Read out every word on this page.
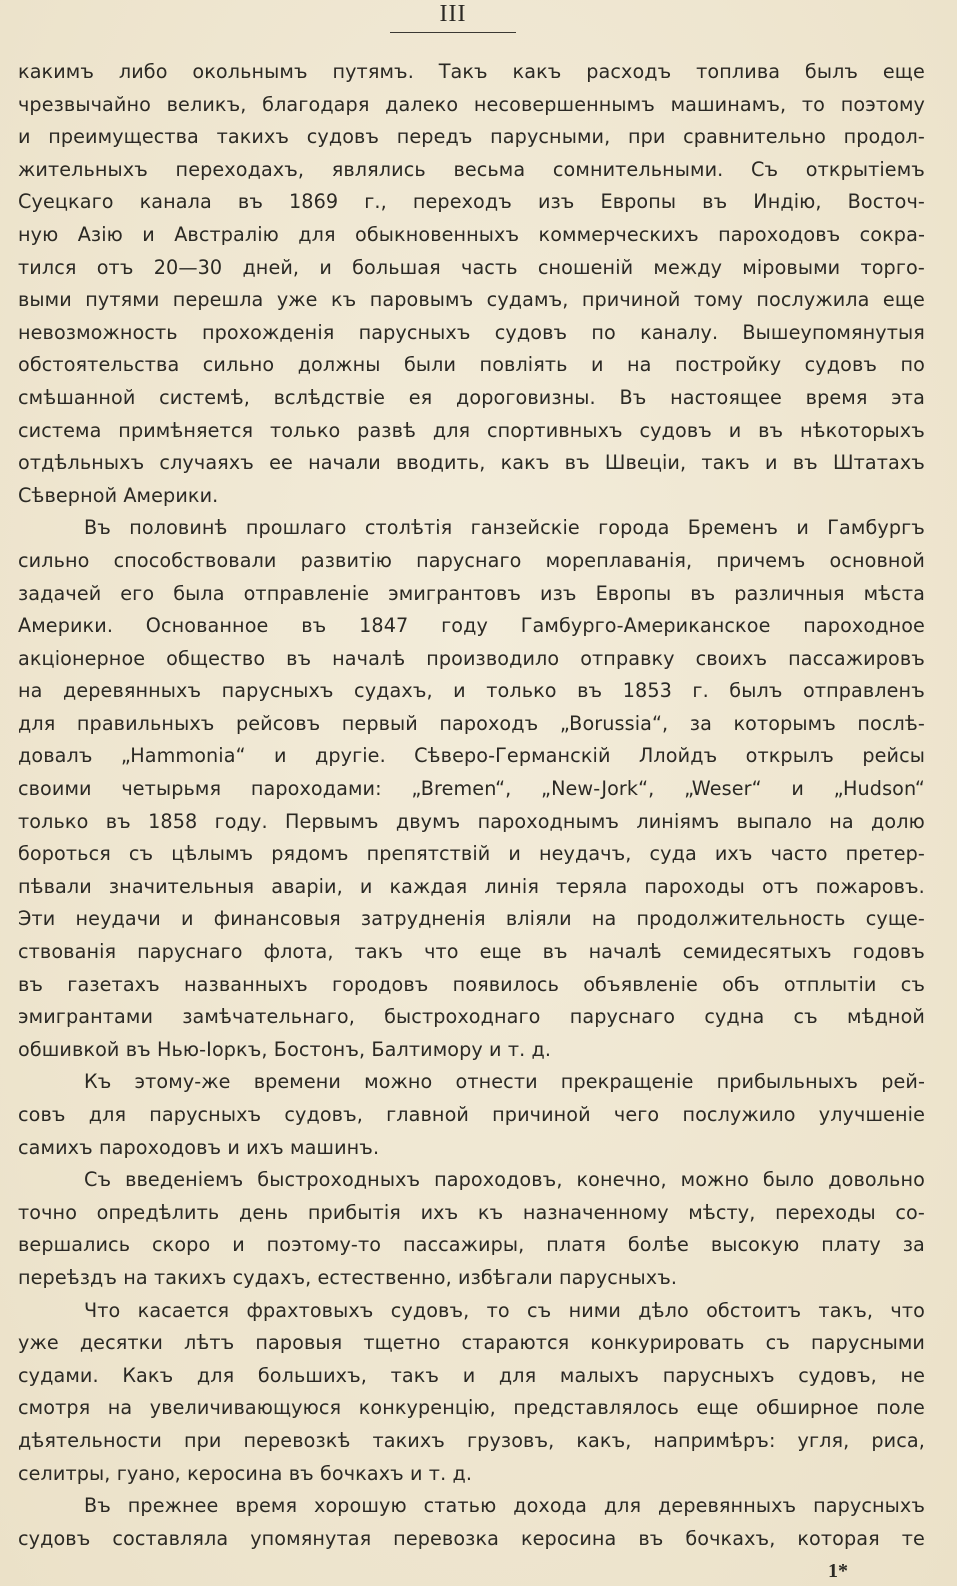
III
какимъ либо окольнымъ путямъ. Такъ какъ расходъ топлива былъ еще
чрезвычайно великъ, благодаря далеко несовершеннымъ машинамъ, то поэтому
и преимущества такихъ судовъ передъ парусными, при сравнительно продол-
жительныхъ переходахъ, являлись весьма сомнительными. Съ открытіемъ
Суецкаго канала въ 1869 г., переходъ изъ Европы въ Индію, Восточ-
ную Азію и Австралію для обыкновенныхъ коммерческихъ пароходовъ сокра-
тился отъ 20—30 дней, и большая часть сношеній между міровыми торго-
выми путями перешла уже къ паровымъ судамъ, причиной тому послужила еще
невозможность прохожденія парусныхъ судовъ по каналу. Вышеупомянутыя
обстоятельства сильно должны были повліять и на постройку судовъ по
смѣшанной системѣ, вслѣдствіе ея дороговизны. Въ настоящее время эта
система примѣняется только развѣ для спортивныхъ судовъ и въ нѣкоторыхъ
отдѣльныхъ случаяхъ ее начали вводить, какъ въ Швеціи, такъ и въ Штатахъ
Сѣверной Америки.
Въ половинѣ прошлаго столѣтія ганзейскіе города Бременъ и Гамбургъ
сильно способствовали развитію паруснаго мореплаванія, причемъ основной
задачей его была отправленіе эмигрантовъ изъ Европы въ различныя мѣста
Америки. Основанное въ 1847 году Гамбурго-Американское пароходное
акціонерное общество въ началѣ производило отправку своихъ пассажировъ
на деревянныхъ парусныхъ судахъ, и только въ 1853 г. былъ отправленъ
для правильныхъ рейсовъ первый пароходъ „Borussia“, за которымъ послѣ-
довалъ „Hammonia“ и другіе. Сѣверо-Германскій Ллойдъ открылъ рейсы
своими четырьмя пароходами: „Bremen“, „New-Jork“, „Weser“ и „Hudson“
только въ 1858 году. Первымъ двумъ пароходнымъ линіямъ выпало на долю
бороться съ цѣлымъ рядомъ препятствій и неудачъ, суда ихъ часто претер-
пѣвали значительныя аваріи, и каждая линія теряла пароходы отъ пожаровъ.
Эти неудачи и финансовыя затрудненія вліяли на продолжительность суще-
ствованія паруснаго флота, такъ что еще въ началѣ семидесятыхъ годовъ
въ газетахъ названныхъ городовъ появилось объявленіе объ отплытіи съ
эмигрантами замѣчательнаго, быстроходнаго паруснаго судна съ мѣдной
обшивкой въ Нью-Іоркъ, Бостонъ, Балтимору и т. д.
Къ этому-же времени можно отнести прекращеніе прибыльныхъ рей-
совъ для парусныхъ судовъ, главной причиной чего послужило улучшеніе
самихъ пароходовъ и ихъ машинъ.
Съ введеніемъ быстроходныхъ пароходовъ, конечно, можно было довольно
точно опредѣлить день прибытія ихъ къ назначенному мѣсту, переходы со-
вершались скоро и поэтому-то пассажиры, платя болѣе высокую плату за
переѣздъ на такихъ судахъ, естественно, избѣгали парусныхъ.
Что касается фрахтовыхъ судовъ, то съ ними дѣло обстоитъ такъ, что
уже десятки лѣтъ паровыя тщетно стараются конкурировать съ парусными
судами. Какъ для большихъ, такъ и для малыхъ парусныхъ судовъ, не
смотря на увеличивающуюся конкуренцію, представлялось еще обширное поле
дѣятельности при перевозкѣ такихъ грузовъ, какъ, напримѣръ: угля, риса,
селитры, гуано, керосина въ бочкахъ и т. д.
Въ прежнее время хорошую статью дохода для деревянныхъ парусныхъ
судовъ составляла упомянутая перевозка керосина въ бочкахъ, которая те
1*
